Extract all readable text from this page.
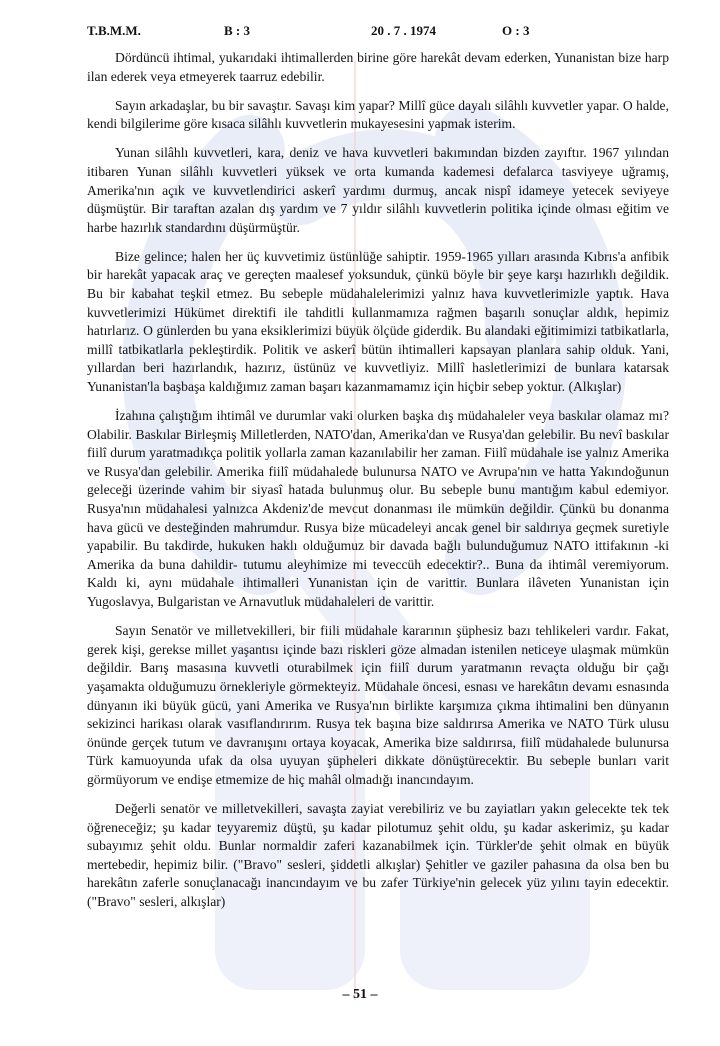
T.B.M.M.	B : 3	20 . 7 . 1974	O : 3

Dördüncü ihtimal, yukarıdaki ihtimallerden birine göre harekât devam ederken, Yunanistan bize harp ilan ederek veya etmeyerek taarruz edebilir.

Sayın arkadaşlar, bu bir savaştır. Savaşı kim yapar? Millî güce dayalı silâhlı kuvvetler yapar. O halde, kendi bilgilerime göre kısaca silâhlı kuvvetlerin mukayesesini yapmak isterim.

Yunan silâhlı kuvvetleri, kara, deniz ve hava kuvvetleri bakımından bizden zayıftır. 1967 yılından itibaren Yunan silâhlı kuvvetleri yüksek ve orta kumanda kademesi defalarca tasviyeye uğramış, Amerika'nın açık ve kuvvetlendirici askerî yardımı durmuş, ancak nispî idameye yetecek seviyeye düşmüştür. Bir taraftan azalan dış yardım ve 7 yıldır silâhlı kuvvetlerin politika içinde olması eğitim ve harbe hazırlık standardını düşürmüştür.

Bize gelince; halen her üç kuvvetimiz üstünlüğe sahiptir. 1959-1965 yılları arasında Kıbrıs'a anfibik bir harekât yapacak araç ve gereçten maalesef yoksunduk, çünkü böyle bir şeye karşı hazırlıklı değildik. Bu bir kabahat teşkil etmez. Bu sebeple müdahalelerimizi yalnız hava kuvvetlerimizle yaptık. Hava kuvvetlerimizi Hükümet direktifi ile tahditli kullanmamıza rağmen başarılı sonuçlar aldık, hepimiz hatırlarız. O günlerden bu yana eksiklerimizi büyük ölçüde giderdik. Bu alandaki eğitimimizi tatbikatlarla, millî tatbikatlarla pekleştirdik. Politik ve askerî bütün ihtimalleri kapsayan planlara sahip olduk. Yani, yıllardan beri hazırlandık, hazırız, üstünüz ve kuvvetliyiz. Millî hasletlerimizi de bunlara katarsak Yunanistan'la başbaşa kaldığımız zaman başarı kazanmamamız için hiçbir sebep yoktur. (Alkışlar)

İzahına çalıştığım ihtimâl ve durumlar vaki olurken başka dış müdahaleler veya baskılar olamaz mı? Olabilir. Baskılar Birleşmiş Milletlerden, NATO'dan, Amerika'dan ve Rusya'dan gelebilir. Bu nevî baskılar fiilî durum yaratmadıkça politik yollarla zaman kazanılabilir her zaman. Fiilî müdahale ise yalnız Amerika ve Rusya'dan gelebilir. Amerika fiilî müdahalede bulunursa NATO ve Avrupa'nın ve hatta Yakındoğunun geleceği üzerinde vahim bir siyasî hatada bulunmuş olur. Bu sebeple bunu mantığım kabul edemiyor. Rusya'nın müdahalesi yalnızca Akdeniz'de mevcut donanması ile mümkün değildir. Çünkü bu donanma hava gücü ve desteğinden mahrumdur. Rusya bize mücadeleyi ancak genel bir saldırıya geçmek suretiyle yapabilir. Bu takdirde, hukuken haklı olduğumuz bir davada bağlı bulunduğumuz NATO ittifakının -ki Amerika da buna dahildir- tutumu aleyhimize mi teveccüh edecektir?.. Buna da ihtimâl veremiyorum. Kaldı ki, aynı müdahale ihtimalleri Yunanistan için de varittir. Bunlara ilâveten Yunanistan için Yugoslavya, Bulgaristan ve Arnavutluk müdahaleleri de varittir.

Sayın Senatör ve milletvekilleri, bir fiili müdahale kararının şüphesiz bazı tehlikeleri vardır. Fakat, gerek kişi, gerekse millet yaşantısı içinde bazı riskleri göze almadan istenilen neticeye ulaşmak mümkün değildir. Barış masasına kuvvetli oturabilmek için fiilî durum yaratmanın revaçta olduğu bir çağı yaşamakta olduğumuzu örnekleriyle görmekteyiz. Müdahale öncesi, esnası ve harekâtın devamı esnasında dünyanın iki büyük gücü, yani Amerika ve Rusya'nın birlikte karşımıza çıkma ihtimalini ben dünyanın sekizinci harikası olarak vasıflandırırım. Rusya tek başına bize saldırırsa Amerika ve NATO Türk ulusu önünde gerçek tutum ve davranışını ortaya koyacak, Amerika bize saldırırsa, fiilî müdahalede bulunursa Türk kamuoyunda ufak da olsa uyuyan şüpheleri dikkate dönüştürecektir. Bu sebeple bunları varit görmüyorum ve endişe etmemize de hiç mahâl olmadığı inancındayım.

Değerli senatör ve milletvekilleri, savaşta zayiat verebiliriz ve bu zayiatları yakın gelecekte tek tek öğreneceğiz; şu kadar teyyaremiz düştü, şu kadar pilotumuz şehit oldu, şu kadar askerimiz, şu kadar subayımız şehit oldu. Bunlar normaldir zaferi kazanabilmek için. Türkler'de şehit olmak en büyük mertebedir, hepimiz bilir. ("Bravo" sesleri, şiddetli alkışlar) Şehitler ve gaziler pahasına da olsa ben bu harekâtın zaferle sonuçlanacağı inancındayım ve bu zafer Türkiye'nin gelecek yüz yılını tayin edecektir. ("Bravo" sesleri, alkışlar)

– 51 –
